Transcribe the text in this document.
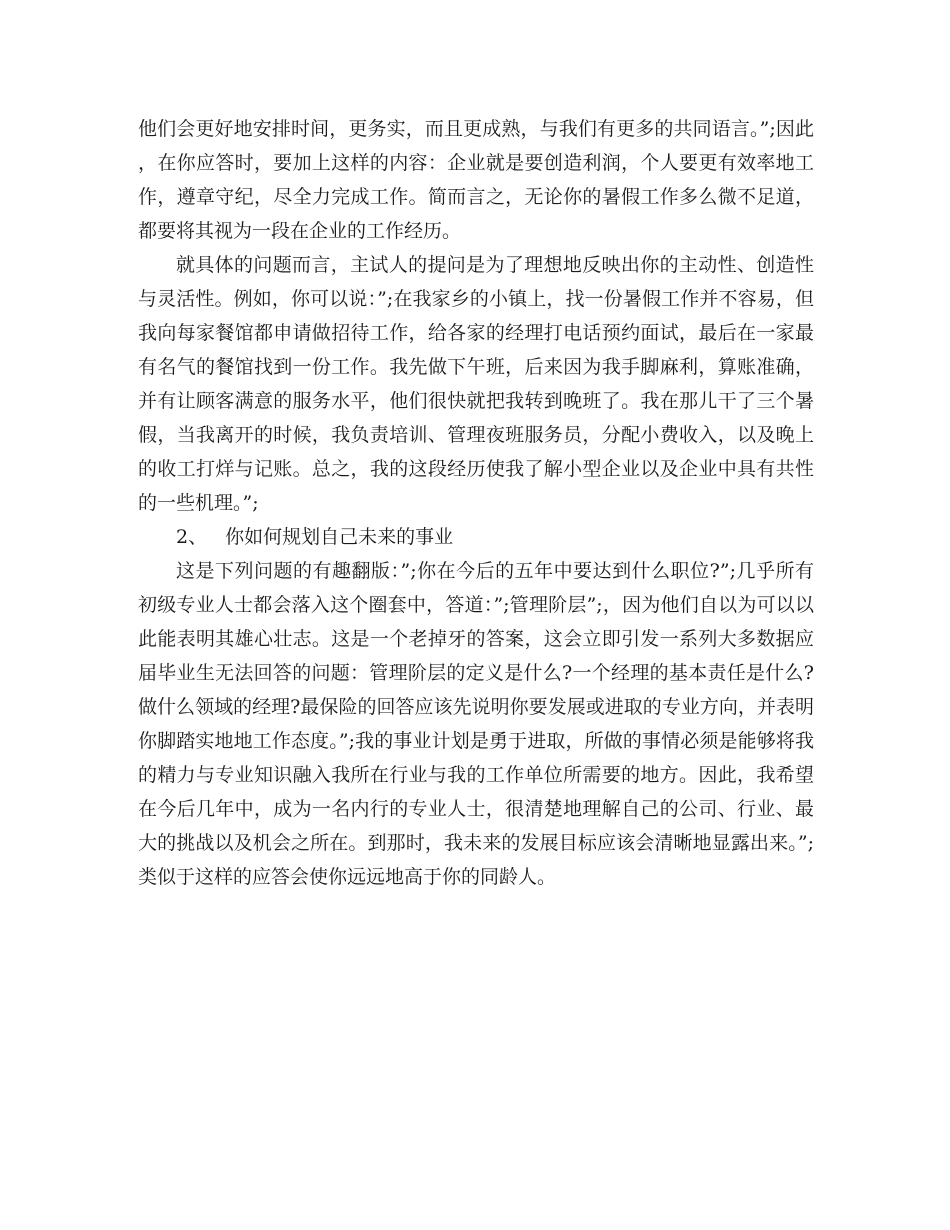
他们会更好地安排时间，更务实，而且更成熟，与我们有更多的共同语言。”;因此，在你应答时，要加上这样的内容：企业就是要创造利润，个人要更有效率地工作，遵章守纪，尽全力完成工作。简而言之，无论你的暑假工作多么微不足道，都要将其视为一段在企业的工作经历。

就具体的问题而言，主试人的提问是为了理想地反映出你的主动性、创造性与灵活性。例如，你可以说：”;在我家乡的小镇上，找一份暑假工作并不容易，但我向每家餐馆都申请做招待工作，给各家的经理打电话预约面试，最后在一家最有名气的餐馆找到一份工作。我先做下午班，后来因为我手脚麻利，算账准确，并有让顾客满意的服务水平，他们很快就把我转到晚班了。我在那儿干了三个暑假，当我离开的时候，我负责培训、管理夜班服务员，分配小费收入，以及晚上的收工打烊与记账。总之，我的这段经历使我了解小型企业以及企业中具有共性的一些机理。”;

2、 你如何规划自己未来的事业

这是下列问题的有趣翻版：”;你在今后的五年中要达到什么职位?”;几乎所有初级专业人士都会落入这个圈套中，答道：”;管理阶层”;，因为他们自以为可以以此能表明其雄心壮志。这是一个老掉牙的答案，这会立即引发一系列大多数据应届毕业生无法回答的问题：管理阶层的定义是什么?一个经理的基本责任是什么?做什么领域的经理?最保险的回答应该先说明你要发展或进取的专业方向，并表明你脚踏实地地工作态度。”;我的事业计划是勇于进取，所做的事情必须是能够将我的精力与专业知识融入我所在行业与我的工作单位所需要的地方。因此，我希望在今后几年中，成为一名内行的专业人士，很清楚地理解自己的公司、行业、最大的挑战以及机会之所在。到那时，我未来的发展目标应该会清晰地显露出来。”;类似于这样的应答会使你远远地高于你的同龄人。
